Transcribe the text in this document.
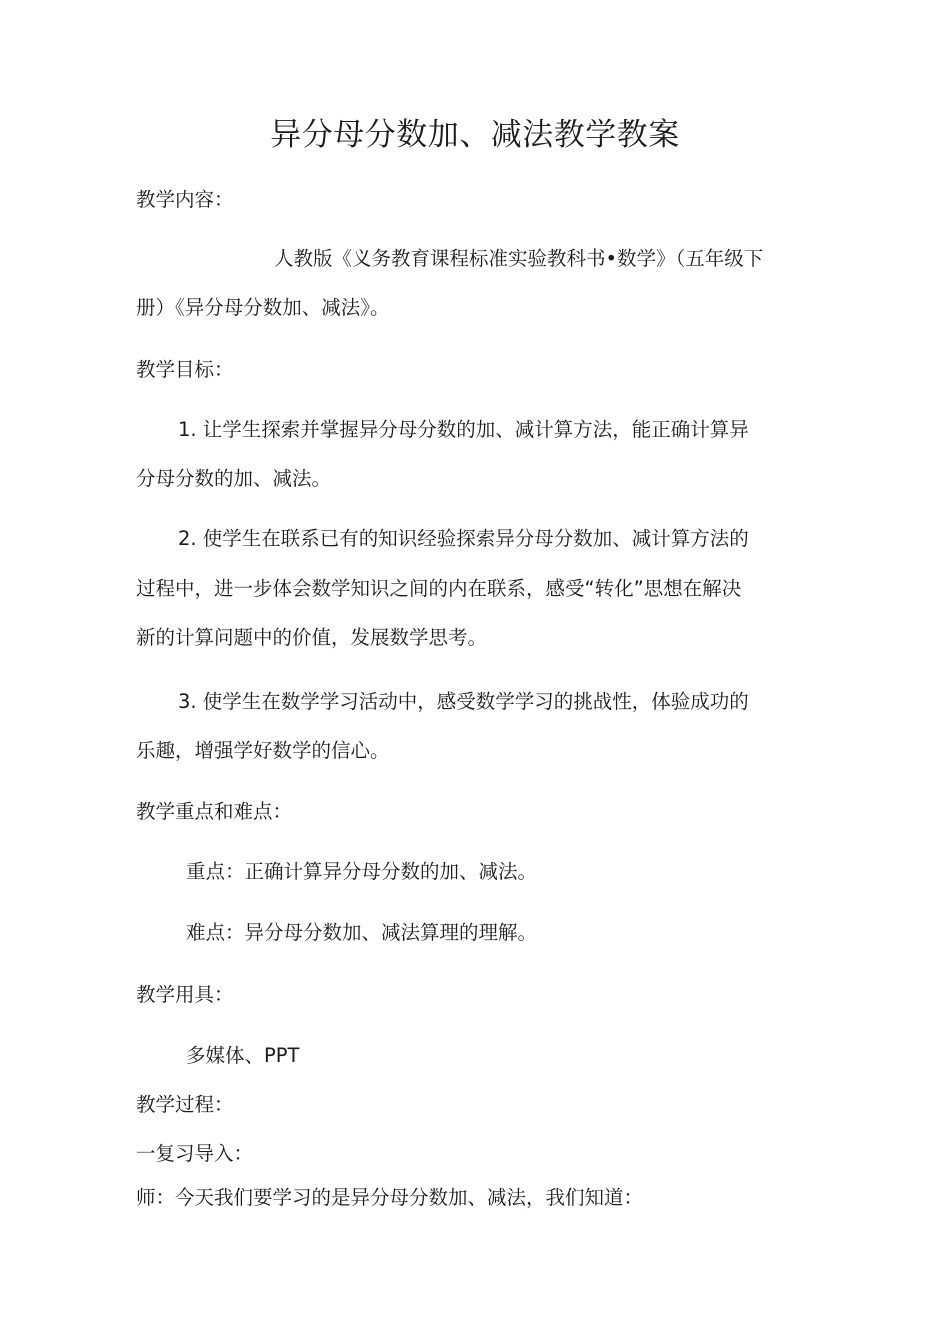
异分母分数加、减法教学教案
教学内容：
人教版《义务教育课程标准实验教科书•数学》（五年级下
册）《异分母分数加、减法》。
教学目标：
1. 让学生探索并掌握异分母分数的加、减计算方法，能正确计算异
分母分数的加、减法。
2. 使学生在联系已有的知识经验探索异分母分数加、减计算方法的
过程中，进一步体会数学知识之间的内在联系，感受“转化”思想在解决
新的计算问题中的价值，发展数学思考。
3. 使学生在数学学习活动中，感受数学学习的挑战性，体验成功的
乐趣，增强学好数学的信心。
教学重点和难点：
重点：正确计算异分母分数的加、减法。
难点：异分母分数加、减法算理的理解。
教学用具：
多媒体、PPT
教学过程：
一复习导入：
师：今天我们要学习的是异分母分数加、减法，我们知道：
